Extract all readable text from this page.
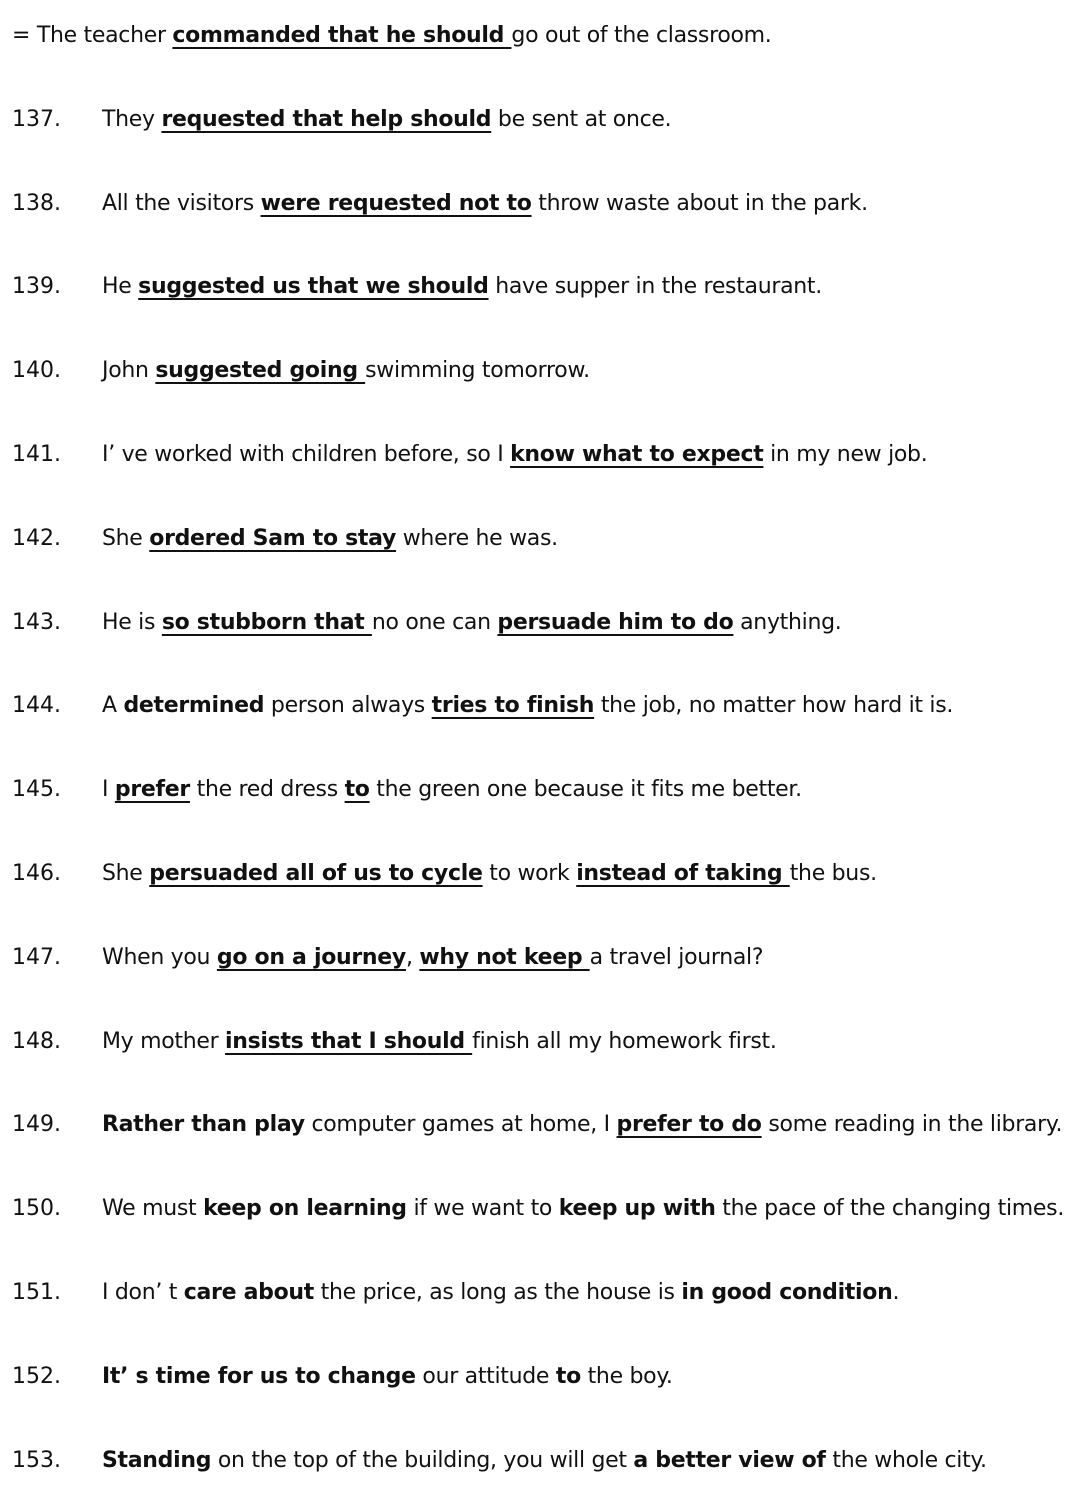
= The teacher commanded that he should go out of the classroom.
137. They requested that help should be sent at once.
138. All the visitors were requested not to throw waste about in the park.
139. He suggested us that we should have supper in the restaurant.
140. John suggested going swimming tomorrow.
141. I’ ve worked with children before, so I know what to expect in my new job.
142. She ordered Sam to stay where he was.
143. He is so stubborn that no one can persuade him to do anything.
144. A determined person always tries to finish the job, no matter how hard it is.
145. I prefer the red dress to the green one because it fits me better.
146. She persuaded all of us to cycle to work instead of taking the bus.
147. When you go on a journey, why not keep a travel journal?
148. My mother insists that I should finish all my homework first.
149. Rather than play computer games at home, I prefer to do some reading in the library.
150. We must keep on learning if we want to keep up with the pace of the changing times.
151. I don’ t care about the price, as long as the house is in good condition.
152. It’ s time for us to change our attitude to the boy.
153. Standing on the top of the building, you will get a better view of the whole city.
